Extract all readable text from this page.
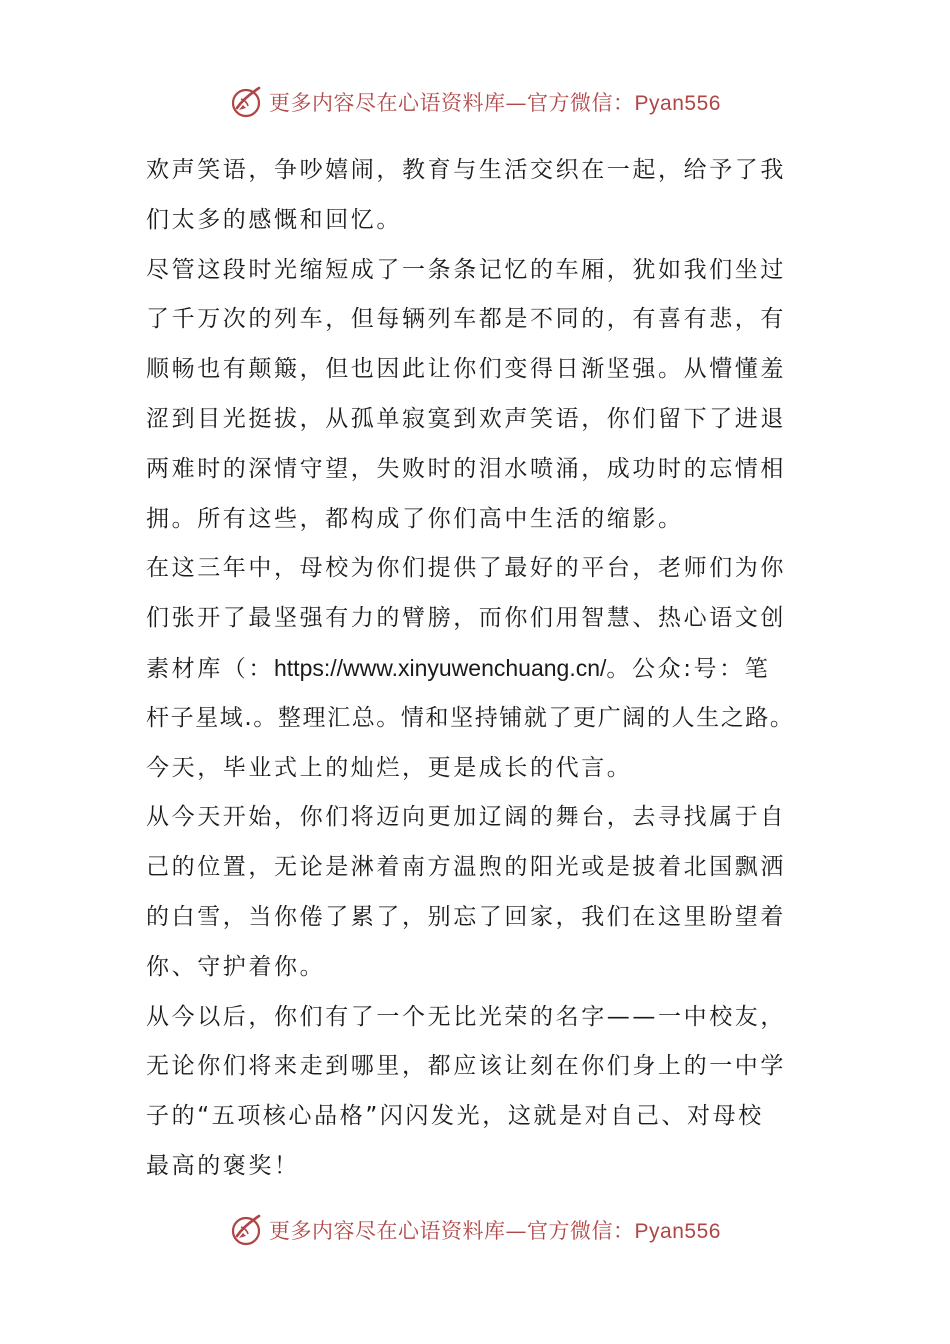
更多内容尽在心语资料库—官方微信：Pyan556
欢声笑语，争吵嬉闹，教育与生活交织在一起，给予了我
们太多的感慨和回忆。
尽管这段时光缩短成了一条条记忆的车厢，犹如我们坐过
了千万次的列车，但每辆列车都是不同的，有喜有悲，有
顺畅也有颠簸，但也因此让你们变得日渐坚强。从懵懂羞
涩到目光挺拔，从孤单寂寞到欢声笑语，你们留下了进退
两难时的深情守望，失败时的泪水喷涌，成功时的忘情相
拥。所有这些，都构成了你们高中生活的缩影。
在这三年中，母校为你们提供了最好的平台，老师们为你
们张开了最坚强有力的臂膀，而你们用智慧、热心语文创
素材库（：https://www.xinyuwenchuang.cn/。公众:号：笔
杆子星域.。整理汇总。情和坚持铺就了更广阔的人生之路。
今天，毕业式上的灿烂，更是成长的代言。
从今天开始，你们将迈向更加辽阔的舞台，去寻找属于自
己的位置，无论是淋着南方温煦的阳光或是披着北国飘洒
的白雪，当你倦了累了，别忘了回家，我们在这里盼望着
你、守护着你。
从今以后，你们有了一个无比光荣的名字——一中校友，
无论你们将来走到哪里，都应该让刻在你们身上的一中学
子的“五项核心品格”闪闪发光，这就是对自己、对母校
最高的褒奖！
更多内容尽在心语资料库—官方微信：Pyan556
